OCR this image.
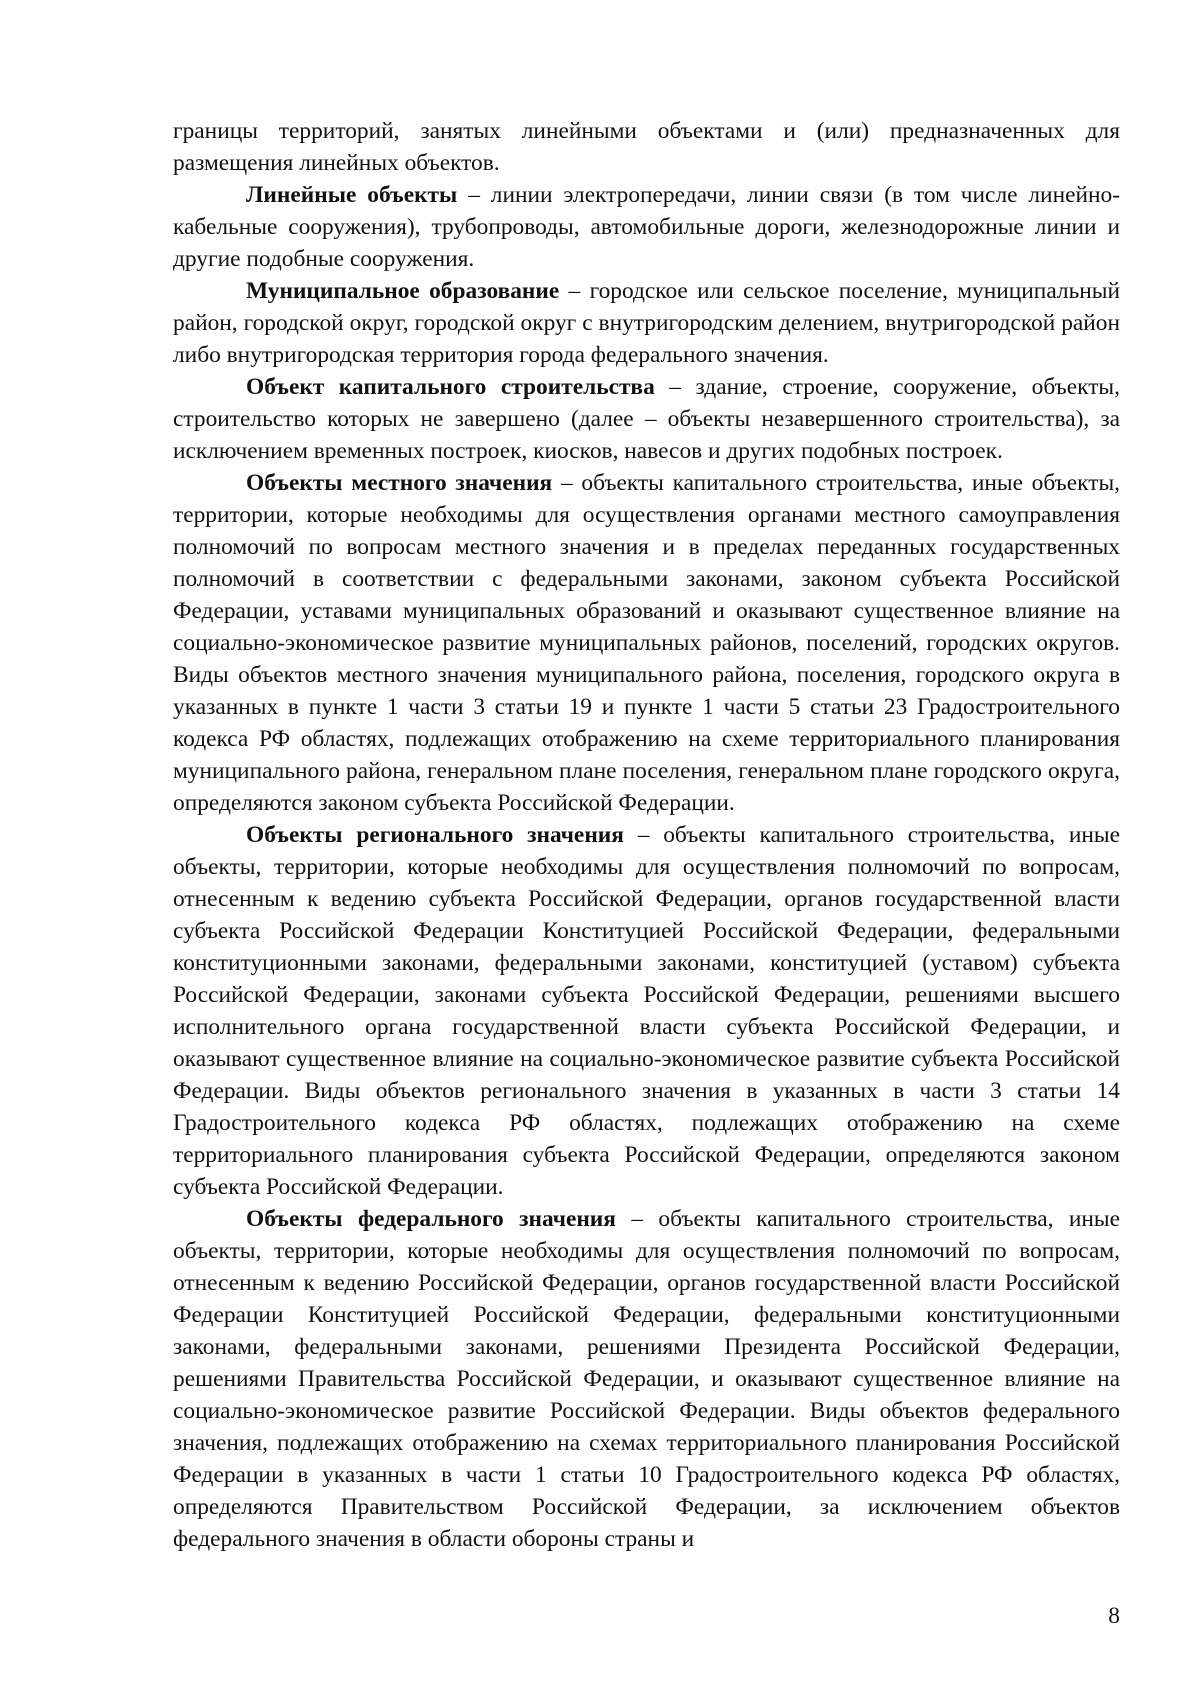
границы территорий, занятых линейными объектами и (или) предназначенных для размещения линейных объектов.

Линейные объекты – линии электропередачи, линии связи (в том числе линейно-кабельные сооружения), трубопроводы, автомобильные дороги, железнодорожные линии и другие подобные сооружения.

Муниципальное образование – городское или сельское поселение, муниципальный район, городской округ, городской округ с внутригородским делением, внутригородской район либо внутригородская территория города федерального значения.

Объект капитального строительства – здание, строение, сооружение, объекты, строительство которых не завершено (далее – объекты незавершенного строительства), за исключением временных построек, киосков, навесов и других подобных построек.

Объекты местного значения – объекты капитального строительства, иные объекты, территории, которые необходимы для осуществления органами местного самоуправления полномочий по вопросам местного значения и в пределах переданных государственных полномочий в соответствии с федеральными законами, законом субъекта Российской Федерации, уставами муниципальных образований и оказывают существенное влияние на социально-экономическое развитие муниципальных районов, поселений, городских округов. Виды объектов местного значения муниципального района, поселения, городского округа в указанных в пункте 1 части 3 статьи 19 и пункте 1 части 5 статьи 23 Градостроительного кодекса РФ областях, подлежащих отображению на схеме территориального планирования муниципального района, генеральном плане поселения, генеральном плане городского округа, определяются законом субъекта Российской Федерации.

Объекты регионального значения – объекты капитального строительства, иные объекты, территории, которые необходимы для осуществления полномочий по вопросам, отнесенным к ведению субъекта Российской Федерации, органов государственной власти субъекта Российской Федерации Конституцией Российской Федерации, федеральными конституционными законами, федеральными законами, конституцией (уставом) субъекта Российской Федерации, законами субъекта Российской Федерации, решениями высшего исполнительного органа государственной власти субъекта Российской Федерации, и оказывают существенное влияние на социально-экономическое развитие субъекта Российской Федерации. Виды объектов регионального значения в указанных в части 3 статьи 14 Градостроительного кодекса РФ областях, подлежащих отображению на схеме территориального планирования субъекта Российской Федерации, определяются законом субъекта Российской Федерации.

Объекты федерального значения – объекты капитального строительства, иные объекты, территории, которые необходимы для осуществления полномочий по вопросам, отнесенным к ведению Российской Федерации, органов государственной власти Российской Федерации Конституцией Российской Федерации, федеральными конституционными законами, федеральными законами, решениями Президента Российской Федерации, решениями Правительства Российской Федерации, и оказывают существенное влияние на социально-экономическое развитие Российской Федерации. Виды объектов федерального значения, подлежащих отображению на схемах территориального планирования Российской Федерации в указанных в части 1 статьи 10 Градостроительного кодекса РФ областях, определяются Правительством Российской Федерации, за исключением объектов федерального значения в области обороны страны и

8
